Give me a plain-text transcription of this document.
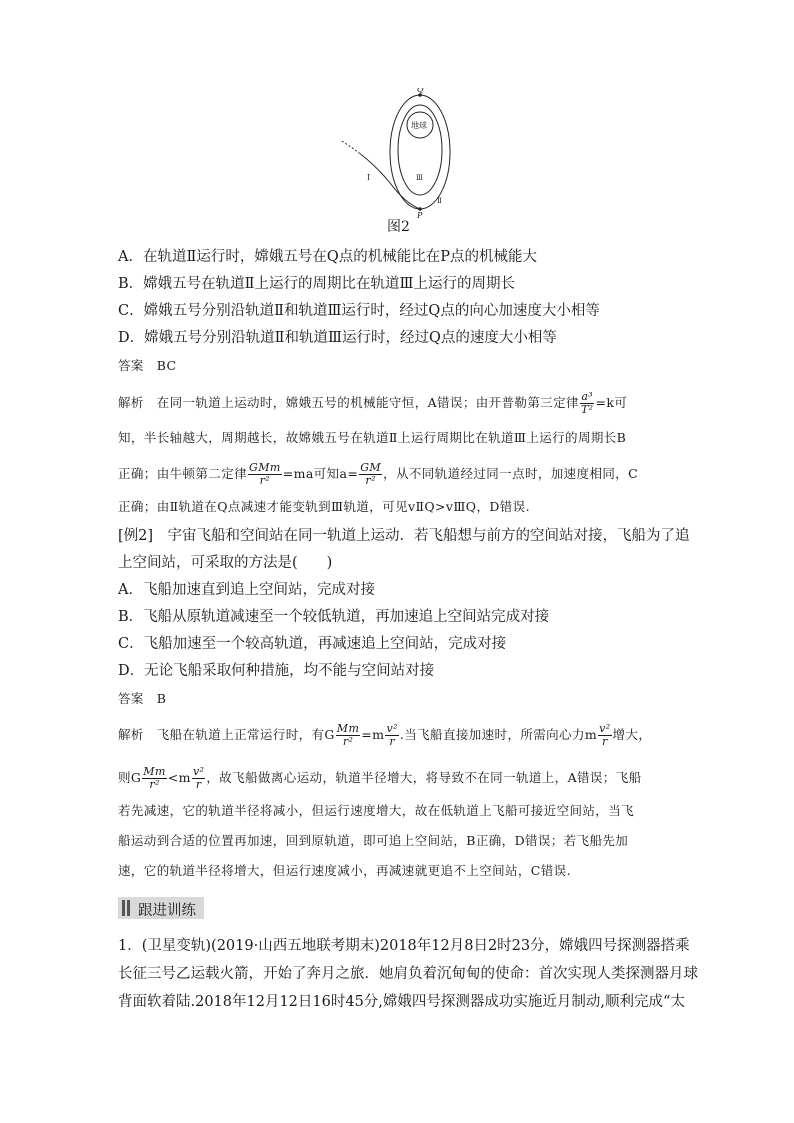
Q
地球
Ⅰ	Ⅲ
P
Ⅱ
图2
A．在轨道Ⅱ运行时，嫦娥五号在Q点的机械能比在P点的机械能大
B．嫦娥五号在轨道Ⅱ上运行的周期比在轨道Ⅲ上运行的周期长
C．嫦娥五号分别沿轨道Ⅱ和轨道Ⅲ运行时，经过Q点的向心加速度大小相等
D．嫦娥五号分别沿轨道Ⅱ和轨道Ⅲ运行时，经过Q点的速度大小相等
答案　BC
解析　在同一轨道上运动时，嫦娥五号的机械能守恒，A错误；由开普勒第三定律 $\frac{\text{a³}}{\text{T²}} =k$可
知，半长轴越大，周期越长，故嫦娥五号在轨道Ⅱ上运行周期比在轨道Ⅲ上运行的周期长B
正确；由牛顿第二定律 $\frac{\text{GMm}}{\text{r²}} =ma$可知$a= \frac{GM}{\text{r²}}$ ，从不同轨道经过同一点时，加速度相同，C
正确；由Ⅱ轨道在Q点减速才能变轨到Ⅲ轨道，可见vⅡQ>vⅢQ，D错误.
[例2]　宇宙飞船和空间站在同一轨道上运动．若飞船想与前方的空间站对接，飞船为了追
上空间站，可采取的方法是(　　)
A．飞船加速直到追上空间站，完成对接
B．飞船从原轨道减速至一个较低轨道，再加速追上空间站完成对接
C．飞船加速至一个较高轨道，再减速追上空间站，完成对接
D．无论飞船采取何种措施，均不能与空间站对接
答案　B
解析　飞船在轨道上正常运行时，有G $\frac{Mm}{\text{r²}} =m \frac{\text{v²}}{r}$ .当飞船直接加速时，所需向心力m $\frac{\text{v²}}{r}$ 增大，
则G $\frac{Mm}{\text{r²}} <m \frac{\text{v²}}{r}$ ，故飞船做离心运动，轨道半径增大，将导致不在同一轨道上，A错误；飞船
若先减速，它的轨道半径将减小，但运行速度增大，故在低轨道上飞船可接近空间站，当飞
船运动到合适的位置再加速，回到原轨道，即可追上空间站，B正确，D错误；若飞船先加
速，它的轨道半径将增大，但运行速度减小，再减速就更追不上空间站，C错误.
跟进训练
1．(卫星变轨)(2019·山西五地联考期末)2018年12月8日2时23分，嫦娥四号探测器搭乘
长征三号乙运载火箭，开始了奔月之旅．她肩负着沉甸甸的使命：首次实现人类探测器月球
背面软着陆.2018年12月12日16时45分,嫦娥四号探测器成功实施近月制动,顺利完成“太
